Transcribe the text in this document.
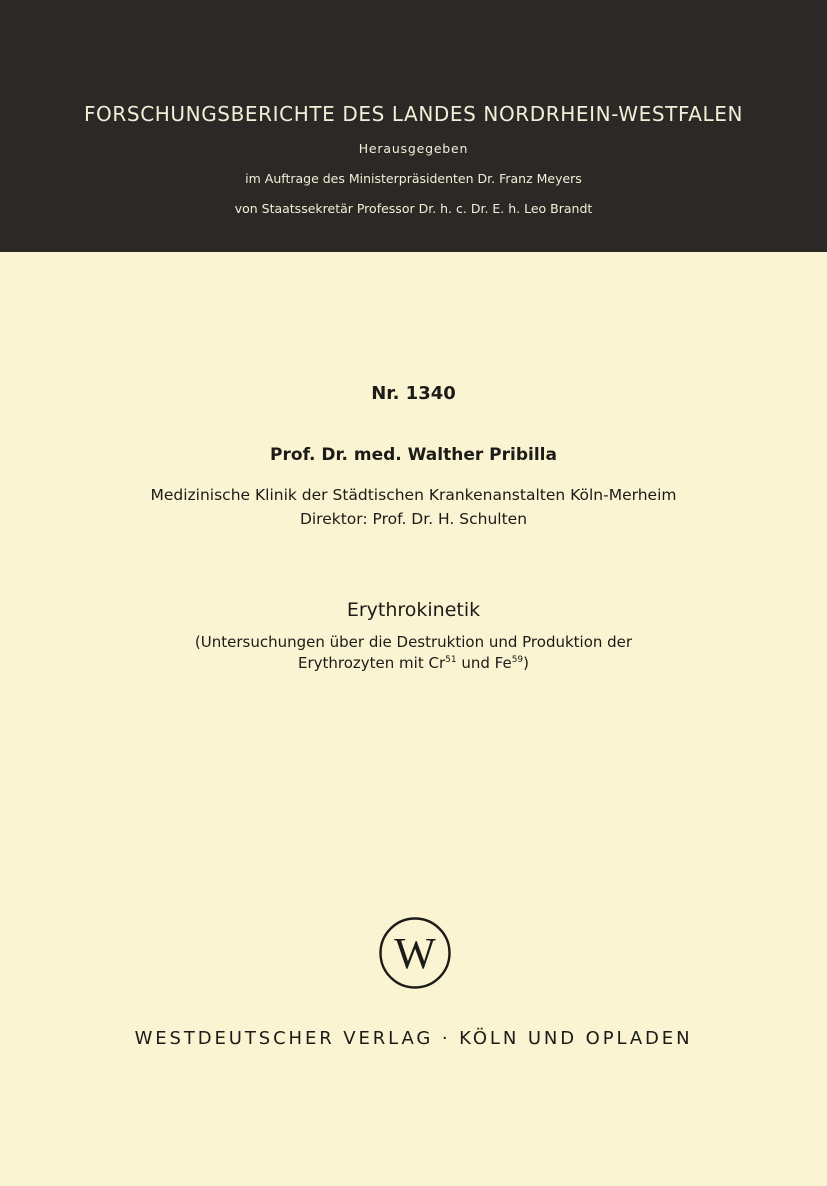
FORSCHUNGSBERICHTE DES LANDES NORDRHEIN-WESTFALEN
Herausgegeben
im Auftrage des Ministerpräsidenten Dr. Franz Meyers
von Staatssekretär Professor Dr. h. c. Dr. E. h. Leo Brandt
Nr. 1340
Prof. Dr. med. Walther Pribilla
Medizinische Klinik der Städtischen Krankenanstalten Köln-Merheim
Direktor: Prof. Dr. H. Schulten
Erythrokinetik
(Untersuchungen über die Destruktion und Produktion der
Erythrozyten mit Cr$^{51}$ und Fe$^{59}$)
W
WESTDEUTSCHER VERLAG · KÖLN UND OPLADEN
